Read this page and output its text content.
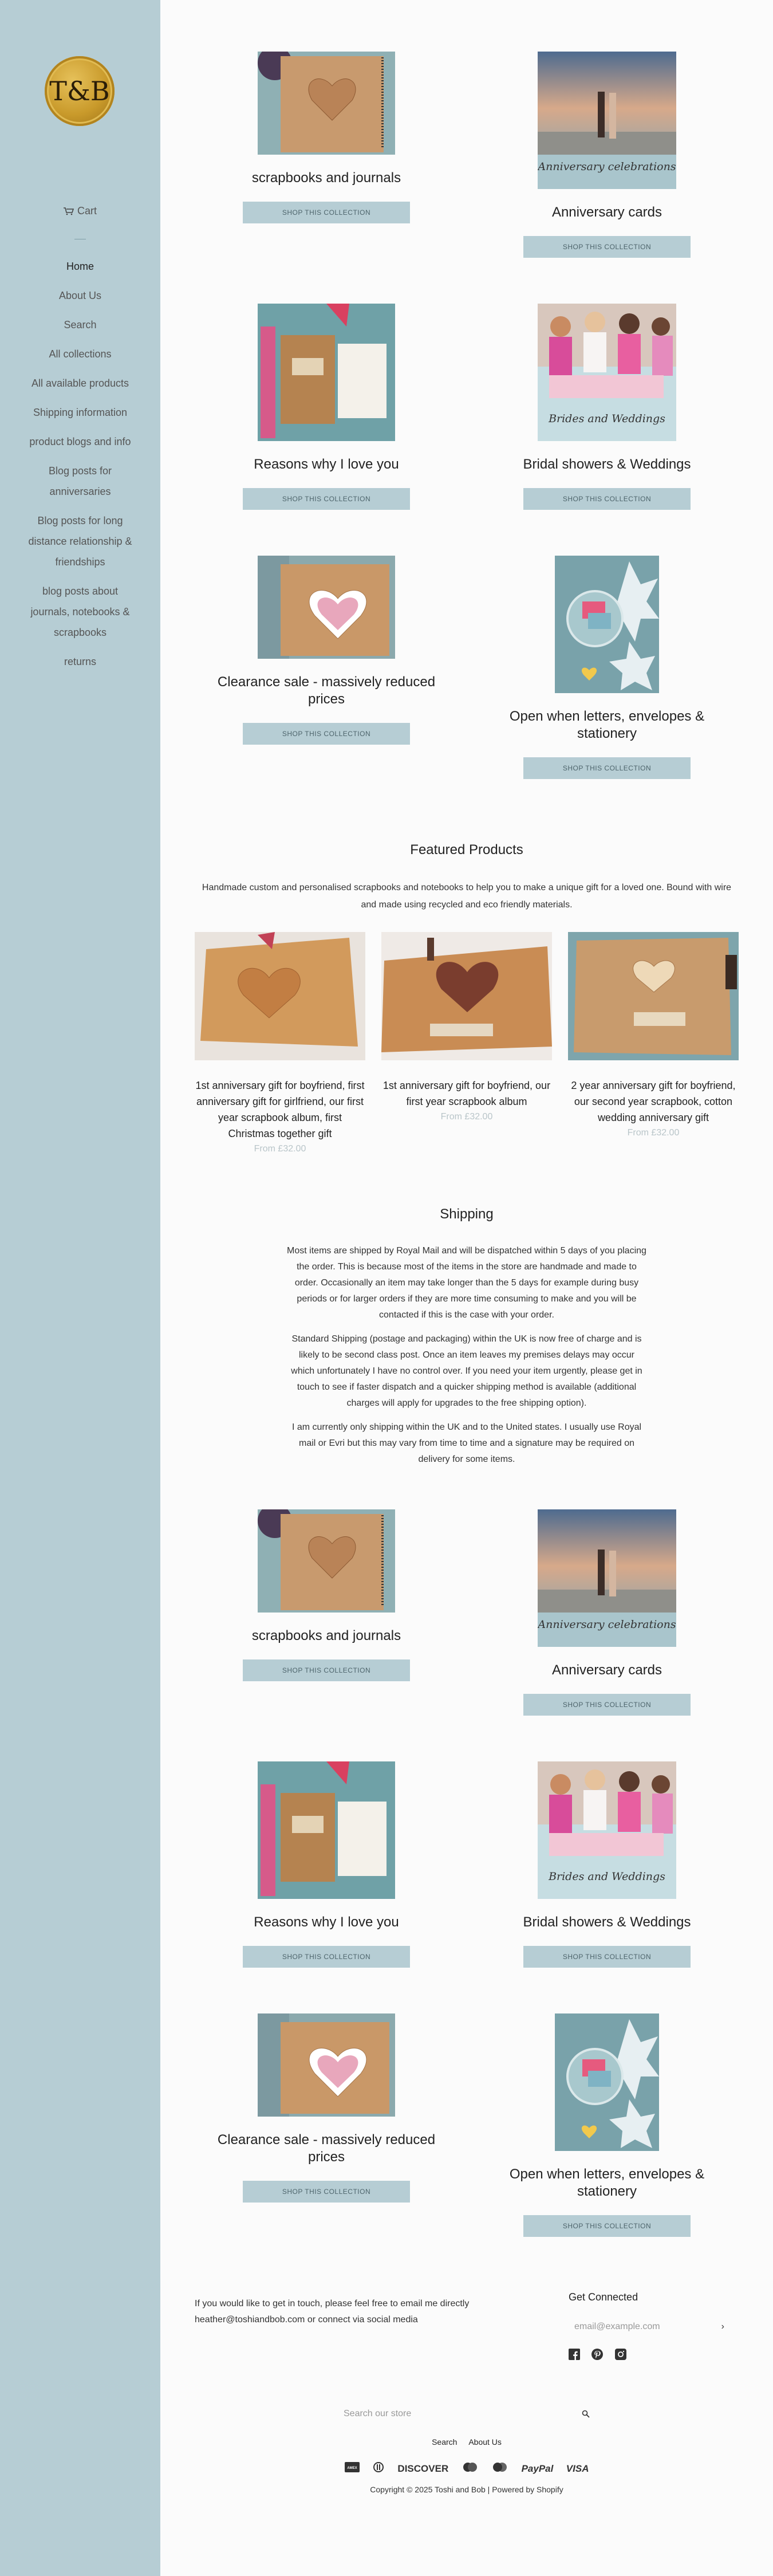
T&B
Cart
Home
About Us
Search
All collections
All available products
Shipping information
product blogs and info
Blog posts for anniversaries
Blog posts for long distance relationship & friendships
blog posts about journals, notebooks & scrapbooks
returns
scrapbooks and journals
SHOP THIS COLLECTION
Anniversary celebrations
Anniversary cards
SHOP THIS COLLECTION
Reasons why I love you
SHOP THIS COLLECTION
Brides and Weddings
Bridal showers & Weddings
SHOP THIS COLLECTION
Clearance sale - massively reduced prices
SHOP THIS COLLECTION
Open when letters, envelopes & stationery
SHOP THIS COLLECTION
Featured Products
Handmade custom and personalised scrapbooks and notebooks to help you to make a unique gift for a loved one. Bound with wire and made using recycled and eco friendly materials.
1st anniversary gift for boyfriend, first anniversary gift for girlfriend, our first year scrapbook album, first Christmas together gift
From £32.00
1st anniversary gift for boyfriend, our first year scrapbook album
From £32.00
2 year anniversary gift for boyfriend, our second year scrapbook, cotton wedding anniversary gift
From £32.00
Shipping

Most items are shipped by Royal Mail and will be dispatched within 5 days of you placing the order. This is because most of the items in the store are handmade and made to order. Occasionally an item may take longer than the 5 days for example during busy periods or for larger orders if they are more time consuming to make and you will be contacted if this is the case with your order.

Standard Shipping (postage and packaging) within the UK is now free of charge and is likely to be second class post. Once an item leaves my premises delays may occur which unfortunately I have no control over. If you need your item urgently, please get in touch to see if faster dispatch and a quicker shipping method is available (additional charges will apply for upgrades to the free shipping option).

I am currently only shipping within the UK and to the United states. I usually use Royal mail or Evri but this may vary from time to time and a signature may be required on delivery for some items.

scrapbooks and journals
SHOP THIS COLLECTION
Anniversary celebrations
Anniversary cards
SHOP THIS COLLECTION
Reasons why I love you
SHOP THIS COLLECTION
Brides and Weddings
Bridal showers & Weddings
SHOP THIS COLLECTION
Clearance sale - massively reduced prices
SHOP THIS COLLECTION
Open when letters, envelopes & stationery
SHOP THIS COLLECTION
If you would like to get in touch, please feel free to email me directly heather@toshiandbob.com or connect via social media
Get Connected
email@example.com	›

Search our store
Search About Us
AMEX	DISCOVER	PayPal VISA
Copyright © 2025 Toshi and Bob | Powered by Shopify
